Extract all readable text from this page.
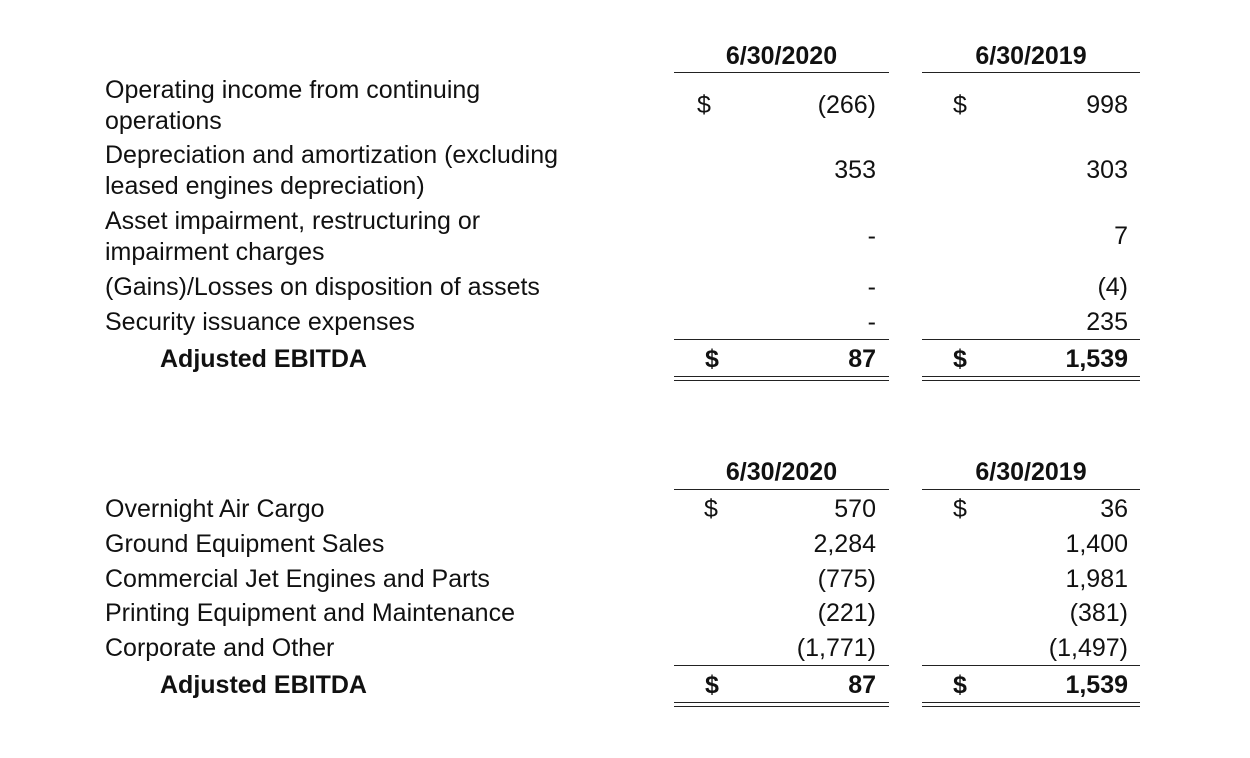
6/30/2020	6/30/2019
Operating income from continuing
operations
$	(266)	$	998
Depreciation and amortization (excluding
leased engines depreciation)
353	303
Asset impairment, restructuring or
impairment charges
-	7
(Gains)/Losses on disposition of assets	-	(4)
Security issuance expenses	-	235
Adjusted EBITDA	$	87	$	1,539
6/30/2020	6/30/2019
Overnight Air Cargo	$	570	$	36
Ground Equipment Sales	2,284	1,400
Commercial Jet Engines and Parts	(775)	1,981
Printing Equipment and Maintenance	(221)	(381)
Corporate and Other	(1,771)	(1,497)
Adjusted EBITDA	$	87	$	1,539
